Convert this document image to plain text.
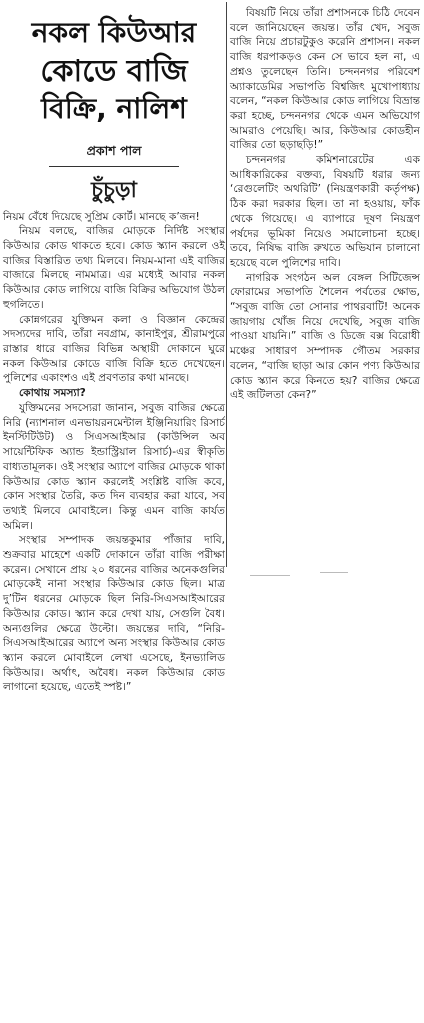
নকল কিউআর
কোডে বাজি
বিক্রি, নালিশ
প্রকাশ পাল
চুঁচুড়া

নিয়ম বেঁধে দিয়েছে সুপ্রিম কোর্ট। মানছে ক’জন!

নিয়ম বলছে, বাজির মোড়কে নির্দিষ্ট সংস্থার কিউআর কোড থাকতে হবে। কোড স্ক্যান করলে ওই বাজির বিস্তারিত তথ্য মিলবে। নিয়ম-মানা এই বাজির বাজারে মিলছে নামমাত্র। এর মধ্যেই আবার নকল কিউআর কোড লাগিয়ে বাজি বিক্রির অভিযোগ উঠল হুগলিতে।

কোন্নগরের যুক্তিমন কলা ও বিজ্ঞান কেন্দ্রের সদস্যদের দাবি, তাঁরা নবগ্রাম, কানাইপুর, শ্রীরামপুরে রাস্তার ধারে বাজির বিভিন্ন অস্থায়ী দোকানে ঘুরে নকল কিউআর কোডে বাজি বিক্রি হতে দেখেছেন। পুলিশের একাংশও এই প্রবণতার কথা মানছে।

কোথায় সমস্যা?

যুক্তিমনের সদস্যেরা জানান, সবুজ বাজির ক্ষেত্রে নিরি (ন্যাশনাল এনভায়রনমেন্টাল ইঞ্জিনিয়ারিং রিসার্চ ইনস্টিটিউট) ও সিএসআইআর (কাউন্সিল অব সায়েন্টিফিক অ্যান্ড ইন্ডাস্ট্রিয়াল রিসার্চ)-এর স্বীকৃতি বাধ্যতামূলক। ওই সংস্থার অ্যাপে বাজির মোড়কে থাকা কিউআর কোড স্ক্যান করলেই সংশ্লিষ্ট বাজি কবে, কোন সংস্থার তৈরি, কত দিন ব্যবহার করা যাবে, সব তথ্যই মিলবে মোবাইলে। কিন্তু এমন বাজি কার্যত অমিল।

সংস্থার সম্পাদক জয়ন্তকুমার পাঁজার দাবি, শুক্রবার মাহেশে একটি দোকানে তাঁরা বাজি পরীক্ষা করেন। সেখানে প্রায় ২০ ধরনের বাজির অনেকগুলির মোড়কেই নানা সংস্থার কিউআর কোড ছিল। মাত্র দু’টিন ধরনের মোড়কে ছিল নিরি-সিএসআইআরের কিউআর কোড। স্ক্যান করে দেখা যায়, সেগুলি বৈধ। অন্যগুলির ক্ষেত্রে উল্টো। জয়ন্তের দাবি, “নিরি-সিএসআইআরের অ্যাপে অন্য সংস্থার কিউআর কোড স্ক্যান করলে মোবাইলে লেখা এসেছে, ইনভ্যালিড কিউআর। অর্থাৎ, অবৈধ। নকল কিউআর কোড লাগানো হয়েছে, এতেই স্পষ্ট।”

বিষয়টি নিয়ে তাঁরা প্রশাসনকে চিঠি দেবেন বলে জানিয়েছেন জয়ন্ত। তাঁর খেদ, সবুজ বাজি নিয়ে প্রচারটুকুও করেনি প্রশাসন। নকল বাজি ধরপাকড়ও কেন সে ভাবে হল না, এ প্রশ্নও তুলেছেন তিনি। চন্দননগর পরিবেশ অ্যাকাডেমির সভাপতি বিশ্বজিৎ মুখোপাধ্যায় বলেন, “নকল কিউআর কোড লাগিয়ে বিভ্রান্ত করা হচ্ছে, চন্দননগর থেকে এমন অভিযোগ আমরাও পেয়েছি। আর, কিউআর কোডহীন বাজির তো ছড়াছড়ি!”

চন্দননগর কমিশনারেটের এক আধিকারিকের বক্তব্য, বিষয়টি ধরার জন্য ‘রেগুলেটিং অথরিটি’ (নিয়ন্ত্রণকারী কর্তৃপক্ষ) ঠিক করা দরকার ছিল। তা না হওয়ায়, ফাঁক থেকে গিয়েছে। এ ব্যাপারে দূষণ নিয়ন্ত্রণ পর্ষদের ভূমিকা নিয়েও সমালোচনা হচ্ছে। তবে, নিষিদ্ধ বাজি রুখতে অভিযান চালানো হয়েছে বলে পুলিশের দাবি।

নাগরিক সংগঠন অল বেঙ্গল সিটিজেন্স ফোরামের সভাপতি শৈলেন পর্বতের ক্ষোভ, “সবুজ বাজি তো সোনার পাথরবাটি! অনেক জায়গায় খোঁজ নিয়ে দেখেছি, সবুজ বাজি পাওয়া যায়নি।” বাজি ও ডিজে বক্স বিরোধী মঞ্চের সাধারণ সম্পাদক গৌতম সরকার বলেন, “বাজি ছাড়া আর কোন পণ্য কিউআর কোড স্ক্যান করে কিনতে হয়? বাজির ক্ষেত্রে এই জটিলতা কেন?”
